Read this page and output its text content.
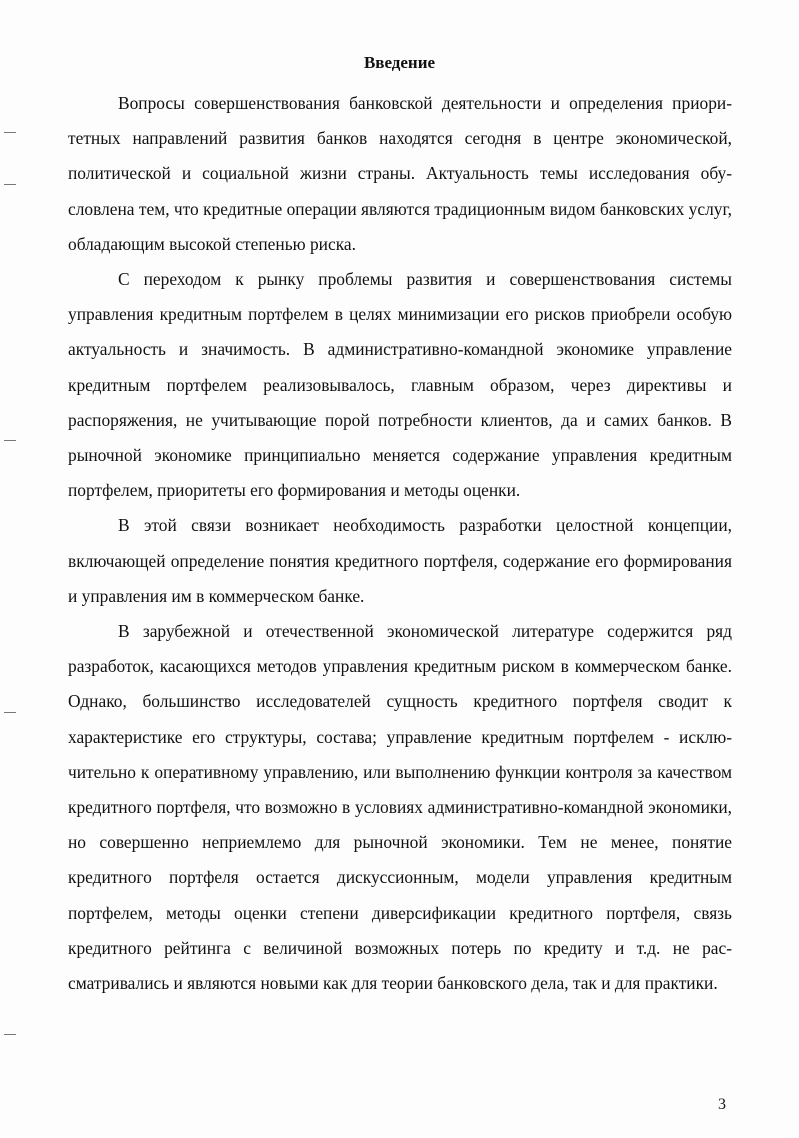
Введение

Вопросы совершенствования банковской деятельности и определения приоритетных направлений развития банков находятся сегодня в центре экономической, политической и социальной жизни страны. Актуальность темы исследования обусловлена тем, что кредитные операции являются традиционным видом банковских услуг, обладающим высокой степенью риска.

С переходом к рынку проблемы развития и совершенствования системы управления кредитным портфелем в целях минимизации его рисков приобрели особую актуальность и значимость. В административно-командной экономике управление кредитным портфелем реализовывалось, главным образом, через директивы и распоряжения, не учитывающие порой потребности клиентов, да и самих банков. В рыночной экономике принципиально меняется содержание управления кредитным портфелем, приоритеты его формирования и методы оценки.

В этой связи возникает необходимость разработки целостной концепции, включающей определение понятия кредитного портфеля, содержание его формирования и управления им в коммерческом банке.

В зарубежной и отечественной экономической литературе содержится ряд разработок, касающихся методов управления кредитным риском в коммерческом банке. Однако, большинство исследователей сущность кредитного портфеля сводит к характеристике его структуры, состава; управление кредитным портфелем - исключительно к оперативному управлению, или выполнению функции контроля за качеством кредитного портфеля, что возможно в условиях административно-командной экономики, но совершенно неприемлемо для рыночной экономики. Тем не менее, понятие кредитного портфеля остается дискуссионным, модели управления кредитным портфелем, методы оценки степени диверсификации кредитного портфеля, связь кредитного рейтинга с величиной возможных потерь по кредиту и т.д. не рассматривались и являются новыми как для теории банковского дела, так и для практики.

3
